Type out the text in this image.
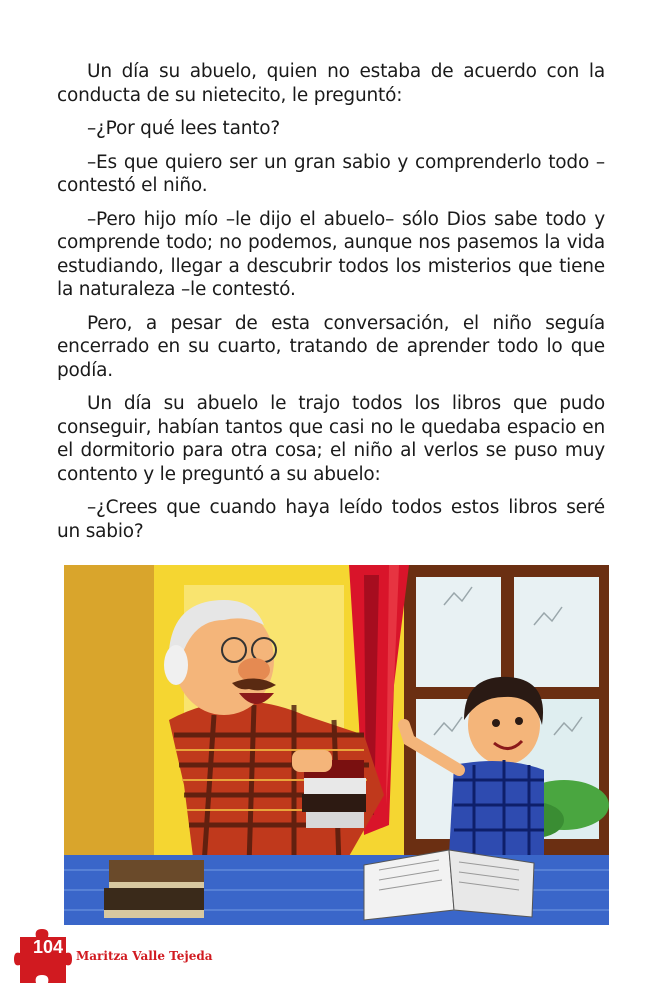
Un día su abuelo, quien no estaba de acuerdo con la conducta de su nietecito, le preguntó:

–¿Por qué lees tanto?

–Es que quiero ser un gran sabio y comprenderlo todo –contestó el niño.

–Pero hijo mío –le dijo el abuelo– sólo Dios sabe todo y comprende todo; no podemos, aunque nos pasemos la vida estudiando, llegar a descubrir todos los misterios que tiene la naturaleza –le contestó.

Pero, a pesar de esta conversación, el niño seguía encerrado en su cuarto, tratando de aprender todo lo que podía.

Un día su abuelo le trajo todos los libros que pudo conseguir, habían tantos que casi no le quedaba espacio en el dormitorio para otra cosa; el niño al verlos se puso muy contento y le preguntó a su abuelo:

–¿Crees que cuando haya leído todos estos libros seré un sabio?

104	Maritza Valle Tejeda
